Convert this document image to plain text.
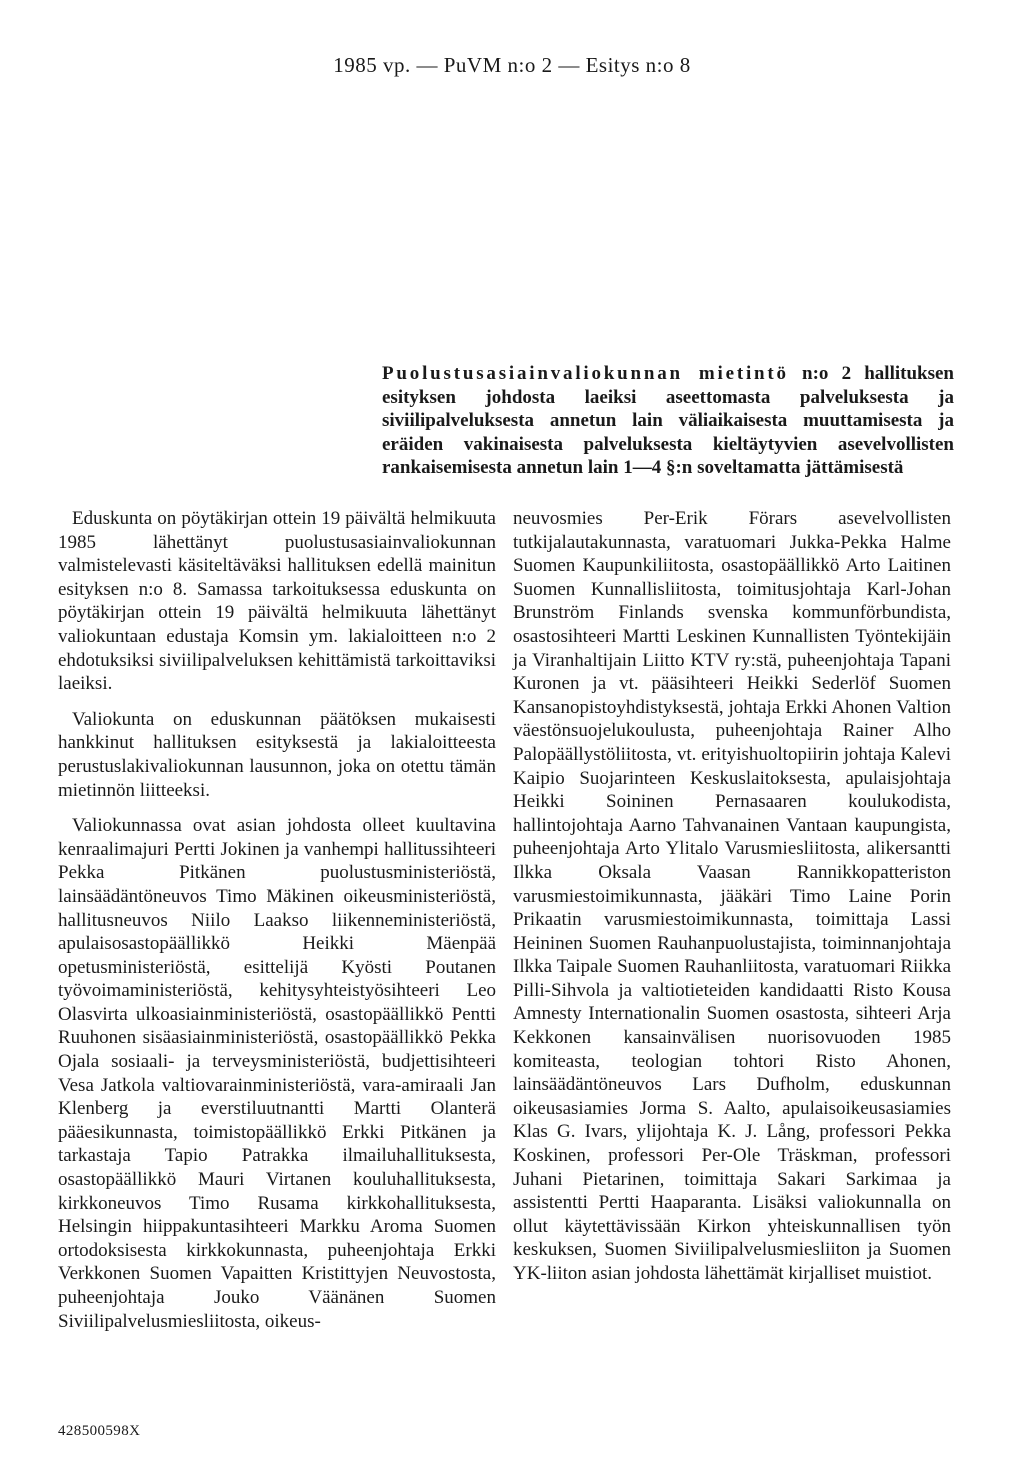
1985 vp. — PuVM n:o 2 — Esitys n:o 8
Puolustusasiainvaliokunnan mietintö n:o 2 hallituksen esityksen johdosta laeiksi aseettomasta palveluksesta ja siviilipalveluksesta annetun lain väliaikaisesta muuttamisesta ja eräiden vakinaisesta palveluksesta kieltäytyvien asevelvollisten rankaisemisesta annetun lain 1—4 §:n soveltamatta jättämisestä

Eduskunta on pöytäkirjan ottein 19 päivältä helmikuuta 1985 lähettänyt puolustusasiainvaliokunnan valmistelevasti käsiteltäväksi hallituksen edellä mainitun esityksen n:o 8. Samassa tarkoituksessa eduskunta on pöytäkirjan ottein 19 päivältä helmikuuta lähettänyt valiokuntaan edustaja Komsin ym. lakialoitteen n:o 2 ehdotuksiksi siviilipalveluksen kehittämistä tarkoittaviksi laeiksi.

Valiokunta on eduskunnan päätöksen mukaisesti hankkinut hallituksen esityksestä ja lakialoitteesta perustuslakivaliokunnan lausunnon, joka on otettu tämän mietinnön liitteeksi.

Valiokunnassa ovat asian johdosta olleet kuultavina kenraalimajuri Pertti Jokinen ja vanhempi hallitussihteeri Pekka Pitkänen puolustusministeriöstä, lainsäädäntöneuvos Timo Mäkinen oikeusministeriöstä, hallitusneuvos Niilo Laakso liikenneministeriöstä, apulaisosastopäällikkö Heikki Mäenpää opetusministeriöstä, esittelijä Kyösti Poutanen työvoimaministeriöstä, kehitysyhteistyösihteeri Leo Olasvirta ulkoasiainministeriöstä, osastopäällikkö Pentti Ruuhonen sisäasiainministeriöstä, osastopäällikkö Pekka Ojala sosiaali- ja terveysministeriöstä, budjettisihteeri Vesa Jatkola valtiovarainministeriöstä, vara-amiraali Jan Klenberg ja everstiluutnantti Martti Olanterä pääesikunnasta, toimistopäällikkö Erkki Pitkänen ja tarkastaja Tapio Patrakka ilmailuhallituksesta, osastopäällikkö Mauri Virtanen kouluhallituksesta, kirkkoneuvos Timo Rusama kirkkohallituksesta, Helsingin hiippakuntasihteeri Markku Aroma Suomen ortodoksisesta kirkkokunnasta, puheenjohtaja Erkki Verkkonen Suomen Vapaitten Kristittyjen Neuvostosta, puheenjohtaja Jouko Väänänen Suomen Siviilipalvelusmiesliitosta, oikeus-

neuvosmies Per-Erik Förars asevelvollisten tutkijalautakunnasta, varatuomari Jukka-Pekka Halme Suomen Kaupunkiliitosta, osastopäällikkö Arto Laitinen Suomen Kunnallisliitosta, toimitusjohtaja Karl-Johan Brunström Finlands svenska kommunförbundista, osastosihteeri Martti Leskinen Kunnallisten Työntekijäin ja Viranhaltijain Liitto KTV ry:stä, puheenjohtaja Tapani Kuronen ja vt. pääsihteeri Heikki Sederlöf Suomen Kansanopistoyhdistyksestä, johtaja Erkki Ahonen Valtion väestönsuojelukoulusta, puheenjohtaja Rainer Alho Palopäällystöliitosta, vt. erityishuoltopiirin johtaja Kalevi Kaipio Suojarinteen Keskuslaitoksesta, apulaisjohtaja Heikki Soininen Pernasaaren koulukodista, hallintojohtaja Aarno Tahvanainen Vantaan kaupungista, puheenjohtaja Arto Ylitalo Varusmiesliitosta, alikersantti Ilkka Oksala Vaasan Rannikkopatteriston varusmiestoimikunnasta, jääkäri Timo Laine Porin Prikaatin varusmiestoimikunnasta, toimittaja Lassi Heininen Suomen Rauhanpuolustajista, toiminnanjohtaja Ilkka Taipale Suomen Rauhanliitosta, varatuomari Riikka Pilli-Sihvola ja valtiotieteiden kandidaatti Risto Kousa Amnesty Internationalin Suomen osastosta, sihteeri Arja Kekkonen kansainvälisen nuorisovuoden 1985 komiteasta, teologian tohtori Risto Ahonen, lainsäädäntöneuvos Lars Dufholm, eduskunnan oikeusasiamies Jorma S. Aalto, apulaisoikeusasiamies Klas G. Ivars, ylijohtaja K. J. Lång, professori Pekka Koskinen, professori Per-Ole Träskman, professori Juhani Pietarinen, toimittaja Sakari Sarkimaa ja assistentti Pertti Haaparanta. Lisäksi valiokunnalla on ollut käytettävissään Kirkon yhteiskunnallisen työn keskuksen, Suomen Siviilipalvelusmiesliiton ja Suomen YK-liiton asian johdosta lähettämät kirjalliset muistiot.

428500598X
